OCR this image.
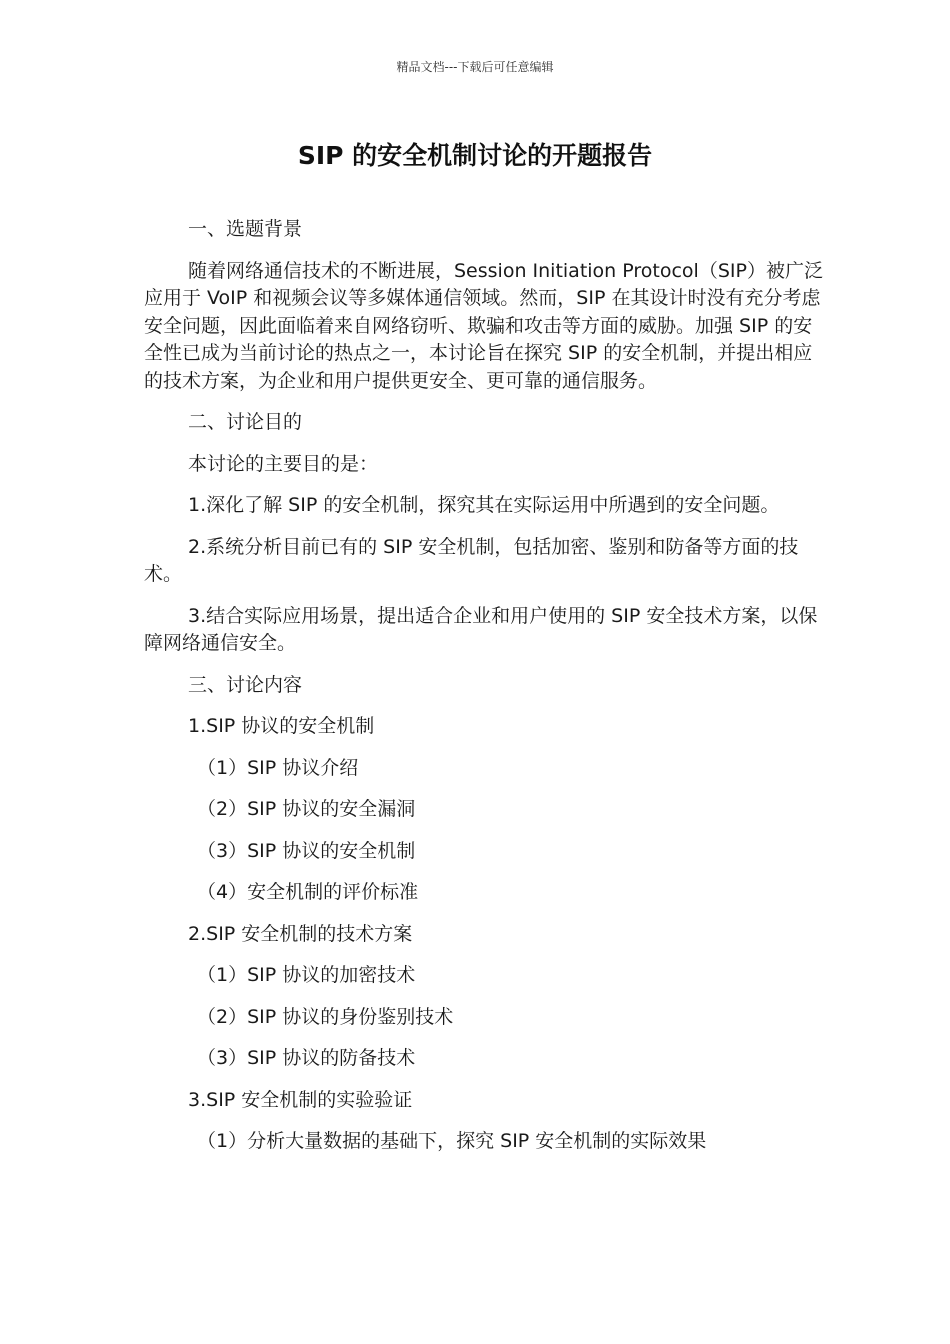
精品文档---下载后可任意编辑
SIP 的安全机制讨论的开题报告

一、选题背景

随着网络通信技术的不断进展，Session Initiation Protocol（SIP）被广泛应用于 VoIP 和视频会议等多媒体通信领域。然而，SIP 在其设计时没有充分考虑安全问题，因此面临着来自网络窃听、欺骗和攻击等方面的威胁。加强 SIP 的安全性已成为当前讨论的热点之一，本讨论旨在探究 SIP 的安全机制，并提出相应的技术方案，为企业和用户提供更安全、更可靠的通信服务。

二、讨论目的

本讨论的主要目的是：

1.深化了解 SIP 的安全机制，探究其在实际运用中所遇到的安全问题。

2.系统分析目前已有的 SIP 安全机制，包括加密、鉴别和防备等方面的技术。

3.结合实际应用场景，提出适合企业和用户使用的 SIP 安全技术方案，以保障网络通信安全。

三、讨论内容

1.SIP 协议的安全机制

（1）SIP 协议介绍

（2）SIP 协议的安全漏洞

（3）SIP 协议的安全机制

（4）安全机制的评价标准

2.SIP 安全机制的技术方案

（1）SIP 协议的加密技术

（2）SIP 协议的身份鉴别技术

（3）SIP 协议的防备技术

3.SIP 安全机制的实验验证

（1）分析大量数据的基础下，探究 SIP 安全机制的实际效果
